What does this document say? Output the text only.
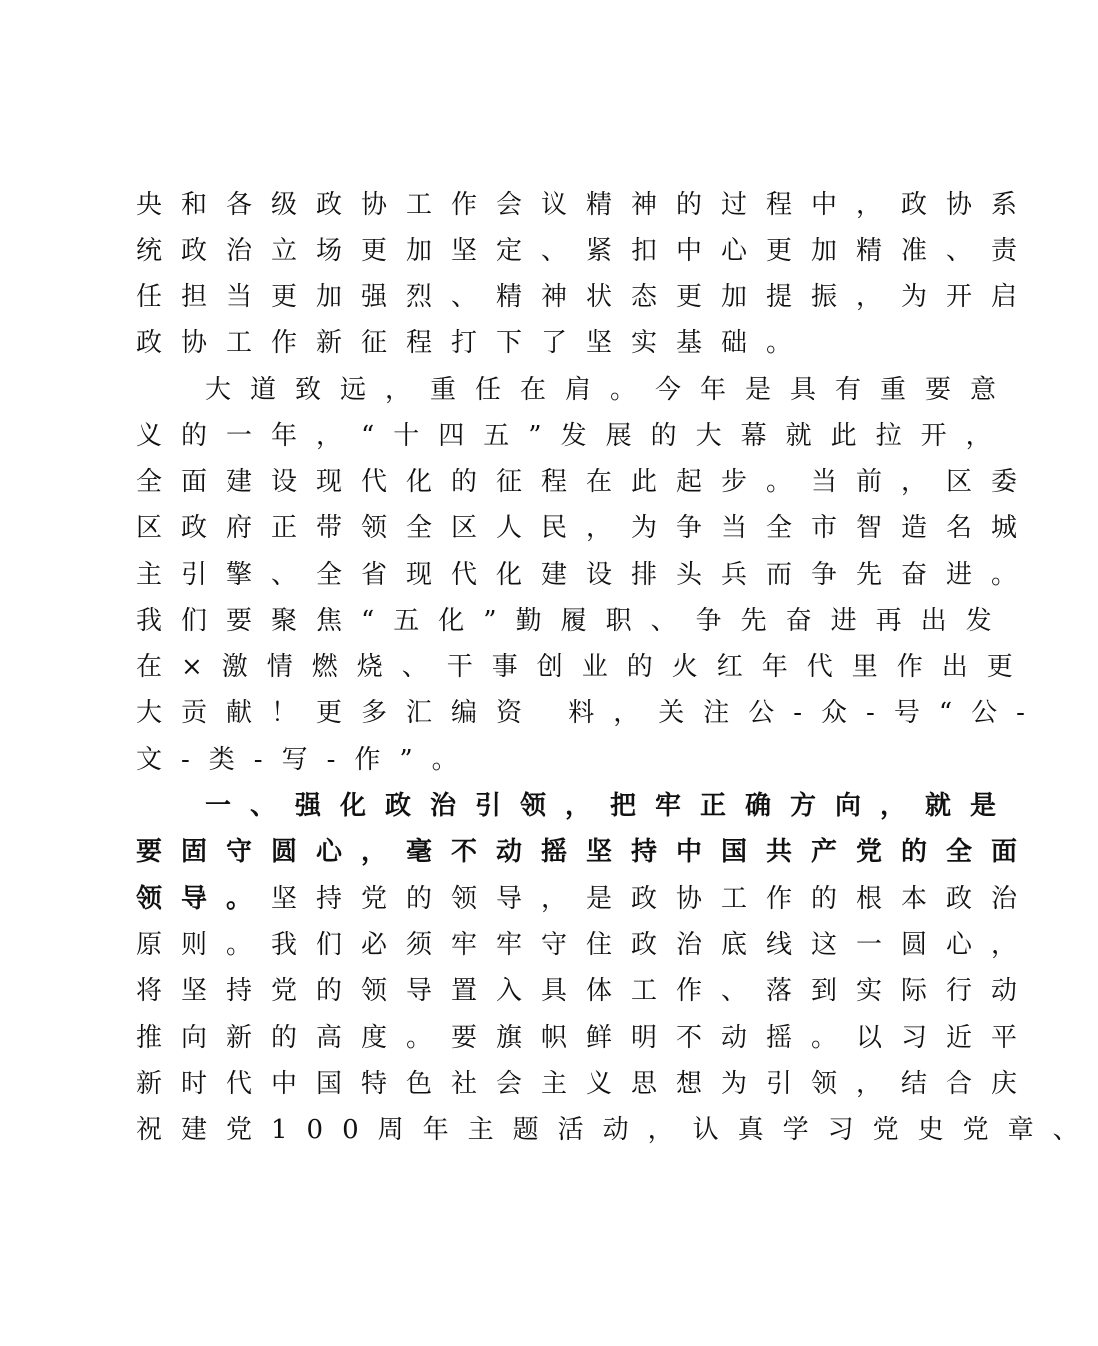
央和各级政协工作会议精神的过程中，政协系
统政治立场更加坚定、紧扣中心更加精准、责
任担当更加强烈、精神状态更加提振，为开启
政协工作新征程打下了坚实基础。
大道致远，重任在肩。今年是具有重要意
义的一年，“十四五”发展的大幕就此拉开，
全面建设现代化的征程在此起步。当前，区委
区政府正带领全区人民，为争当全市智造名城
主引擎、全省现代化建设排头兵而争先奋进。
我们要聚焦“五化”勤履职、争先奋进再出发
在×激情燃烧、干事创业的火红年代里作出更
大贡献！更多汇编资 料，关注公-众-号“公-
文-类-写-作”。
一、强化政治引领，把牢正确方向，就是
要固守圆心，毫不动摇坚持中国共产党的全面
领导。坚持党的领导，是政协工作的根本政治
原则。我们必须牢牢守住政治底线这一圆心，
将坚持党的领导置入具体工作、落到实际行动
推向新的高度。要旗帜鲜明不动摇。以习近平
新时代中国特色社会主义思想为引领，结合庆
祝建党100周年主题活动，认真学习党史党章、
